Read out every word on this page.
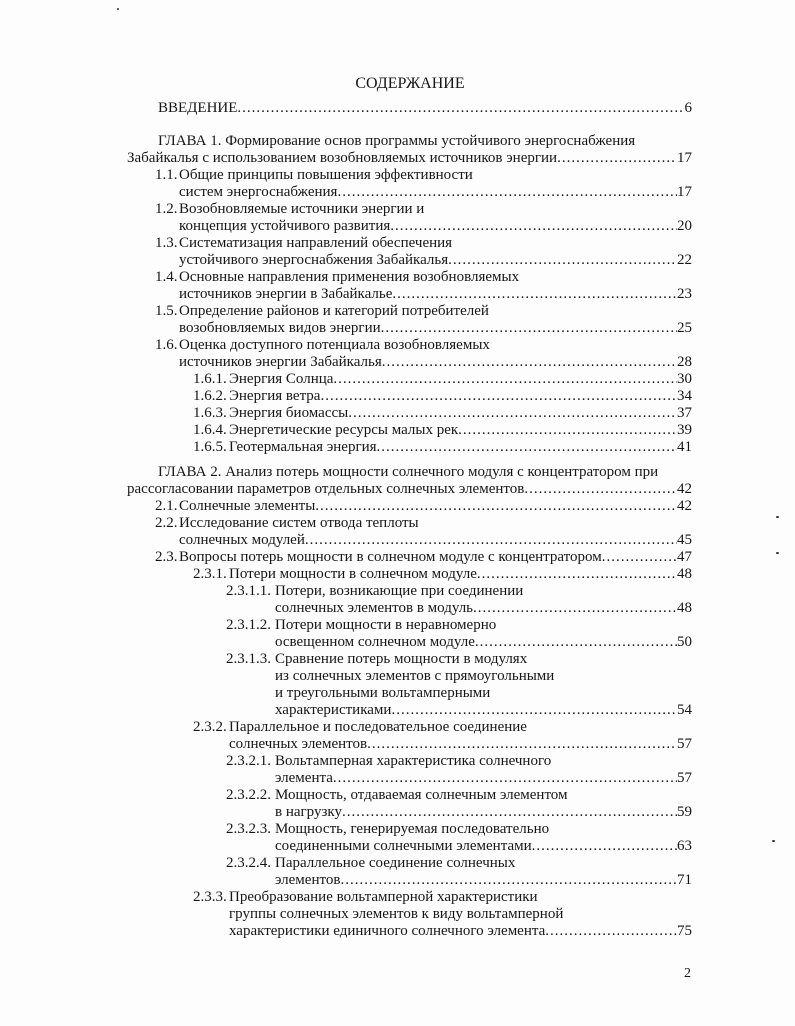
СОДЕРЖАНИЕ
ВВЕДЕНИЕ .....	6
ГЛАВА 1. Формирование основ программы устойчивого энергоснабжения
Забайкалья с использованием возобновляемых источников энергии .....	17
1.1. Общие принципы повышения эффективности
систем энергоснабжения .....	17
1.2. Возобновляемые источники энергии и
концепция устойчивого развития .....	20
1.3. Систематизация направлений обеспечения
устойчивого энергоснабжения Забайкалья .....	22
1.4. Основные направления применения возобновляемых
источников энергии в Забайкалье .....	23
1.5. Определение районов и категорий потребителей
возобновляемых видов энергии .....	25
1.6. Оценка доступного потенциала возобновляемых
источников энергии Забайкалья .....	28
1.6.1. Энергия Солнца .....	30
1.6.2. Энергия ветра .....	34
1.6.3. Энергия биомассы .....	37
1.6.4. Энергетические ресурсы малых рек .....	39
1.6.5. Геотермальная энергия .....	41
ГЛАВА 2. Анализ потерь мощности солнечного модуля с концентратором при
рассогласовании параметров отдельных солнечных элементов .....	42
2.1. Солнечные элементы .....	42
2.2. Исследование систем отвода теплоты
солнечных модулей .....	45
2.3. Вопросы потерь мощности в солнечном модуле с концентратором .....	47
2.3.1. Потери мощности в солнечном модуле .....	48
2.3.1.1. Потери, возникающие при соединении
солнечных элементов в модуль .....	48
2.3.1.2. Потери мощности в неравномерно
освещенном солнечном модуле .....	50
2.3.1.3. Сравнение потерь мощности в модулях
из солнечных элементов с прямоугольными
и треугольными вольтамперными
характеристиками .....	54
2.3.2. Параллельное и последовательное соединение
солнечных элементов .....	57
2.3.2.1. Вольтамперная характеристика солнечного
элемента .....	57
2.3.2.2. Мощность, отдаваемая солнечным элементом
в нагрузку .....	59
2.3.2.3. Мощность, генерируемая последовательно
соединенными солнечными элементами .....	63
2.3.2.4. Параллельное соединение солнечных
элементов .....	71
2.3.3. Преобразование вольтамперной характеристики
группы солнечных элементов к виду вольтамперной
характеристики единичного солнечного элемента .....	75
2
